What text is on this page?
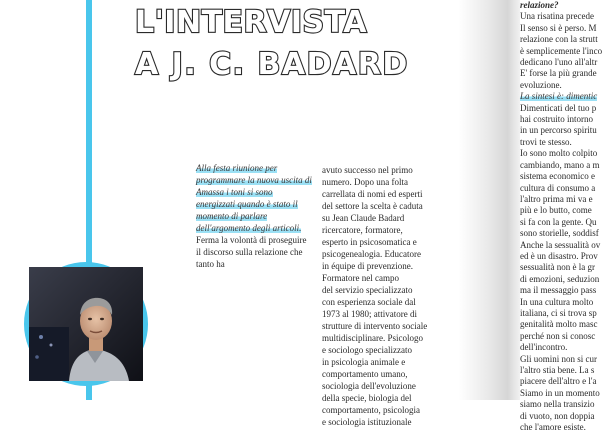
L'INTERVISTA
A J. C. BADARD

Alla festa riunione per programmare la nuova uscita di Amassa i toni si sono energizzati quando è stato il momento di parlare dell'argomento degli articoli. Ferma la volontà di proseguire il discorso sulla relazione che tanto ha

avuto successo nel primo

numero. Dopo una folta

carrellata di nomi ed esperti

del settore la scelta è caduta

su Jean Claude Badard

ricercatore, formatore,

esperto in psicosomatica e

psicogenealogia. Educatore

in équipe di prevenzione.

Formatore nel campo

del servizio specializzato

con esperienza sociale dal

1973 al 1980; attivatore di

strutture di intervento sociale

multidisciplinare. Psicologo

e sociologo specializzato

in psicologia animale e

comportamento umano,

sociologia dell'evoluzione

della specie, biologia del

comportamento, psicologia

e sociologia istituzionale

relazione?

Una risatina precede

Il senso si è perso. M

relazione con la strutt

è semplicemente l'inco

dedicano l'uno all'altr

E' forse la più grande

evoluzione.

La sintesi è: dimentic

Dimenticati del tuo p

hai costruito intorno

in un percorso spiritu

trovi te stesso.

Io sono molto colpito

cambiando, mano a m

sistema economico e

cultura di consumo a

l'altro prima mi va e

più e lo butto, come

si fa con la gente. Qu

sono storielle, soddisf

Anche la sessualità ov

ed è un disastro. Prov

sessualità non è la gr

di emozioni, seduzion

ma il messaggio pass

In una cultura molto

italiana, ci si trova sp

genitalità molto masc

perché non si conosc

dell'incontro.

Gli uomini non si cur

l'altro stia bene. La s

piacere dell'altro e l'a

Siamo in un momento

siamo nella transizio

di vuoto, non doppia

che l'amore esiste.
